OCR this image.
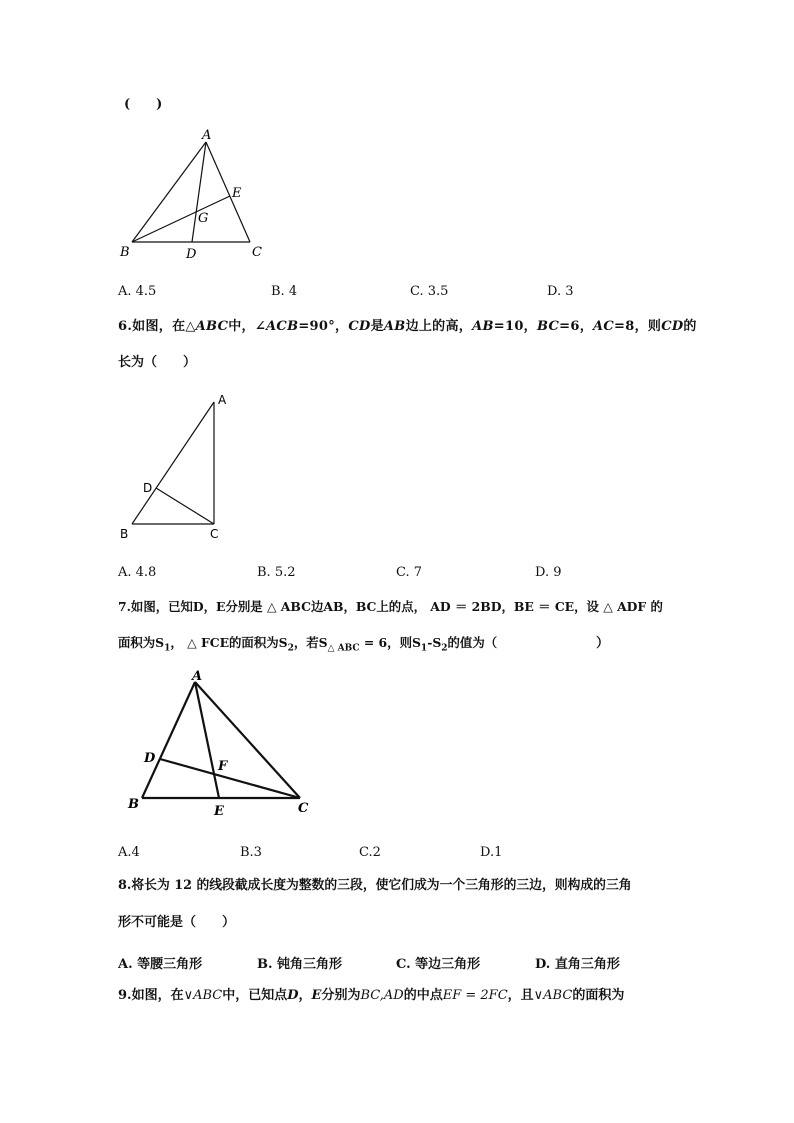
(　　)
A
B	C
D
E
G
A. 4.5	B. 4	C. 3.5	D. 3
6.如图，在△ABC中，∠ACB=90°，CD是AB边上的高，AB=10，BC=6，AC=8，则CD的
长为（　　）
A
B	C
D
A. 4.8	B. 5.2	C. 7	D. 9
7.如图，已知D，E分别是 △ ABC边AB，BC上的点， AD ＝ 2BD，BE ＝ CE，设 △ ADF 的
面积为$S_1$， △ FCE的面积为$S_2$，若$S_{\triangle ABC} = 6$，则$S_1-S_2$的值为（	）
A
B	C
D
E
F
A.4	B.3	C.2	D.1
8.将长为 12 的线段截成长度为整数的三段，使它们成为一个三角形的三边，则构成的三角
形不可能是（　　）
A. 等腰三角形	B. 钝角三角形	C. 等边三角形	D. 直角三角形
9.如图，在∨ABC中，已知点D，E分别为BC,AD的中点EF = 2FC，且∨ABC的面积为
